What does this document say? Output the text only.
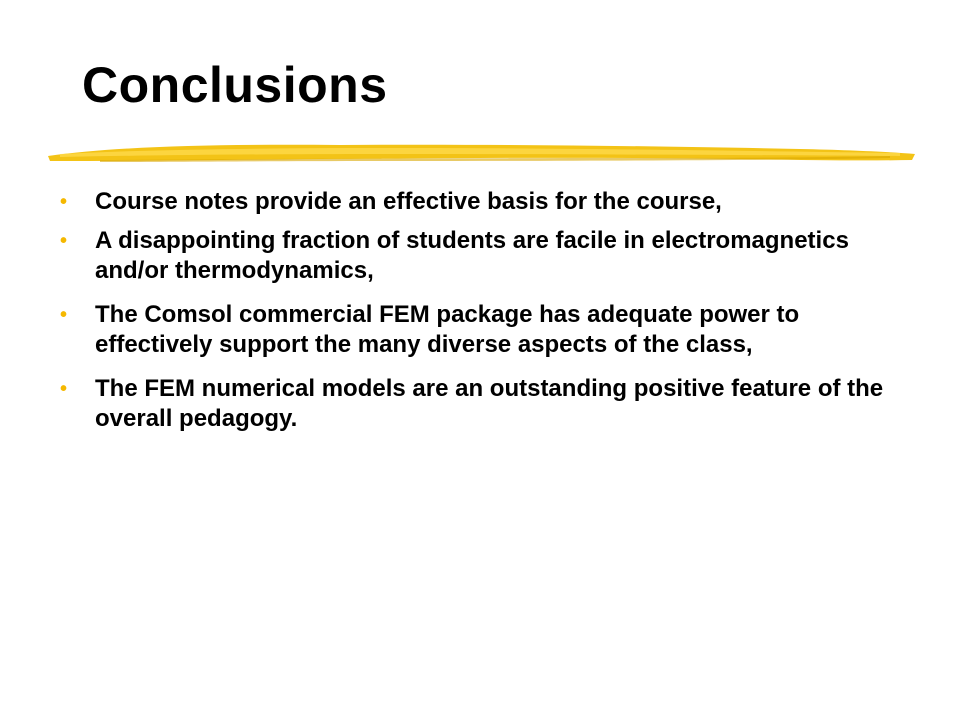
Conclusions
•	Course notes provide an effective basis for the course,
•	A disappointing fraction of students are facile in electromagnetics and/or thermodynamics,
•	The Comsol commercial FEM package has adequate power to effectively support the many diverse aspects of the class,
•	The FEM numerical models are an outstanding positive feature of the overall pedagogy.
